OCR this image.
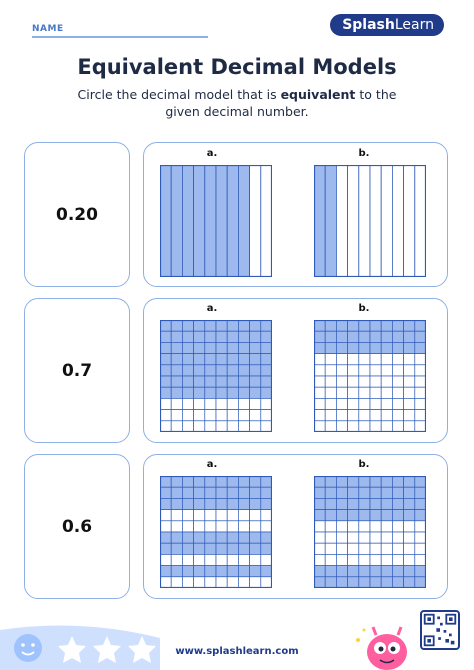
NAME	SplashLearn
Equivalent Decimal Models
Circle the decimal model that is equivalent to the given decimal number.
0.20
a.	b.
0.7
a.	b.
0.6
a.	b.
www.splashlearn.com
